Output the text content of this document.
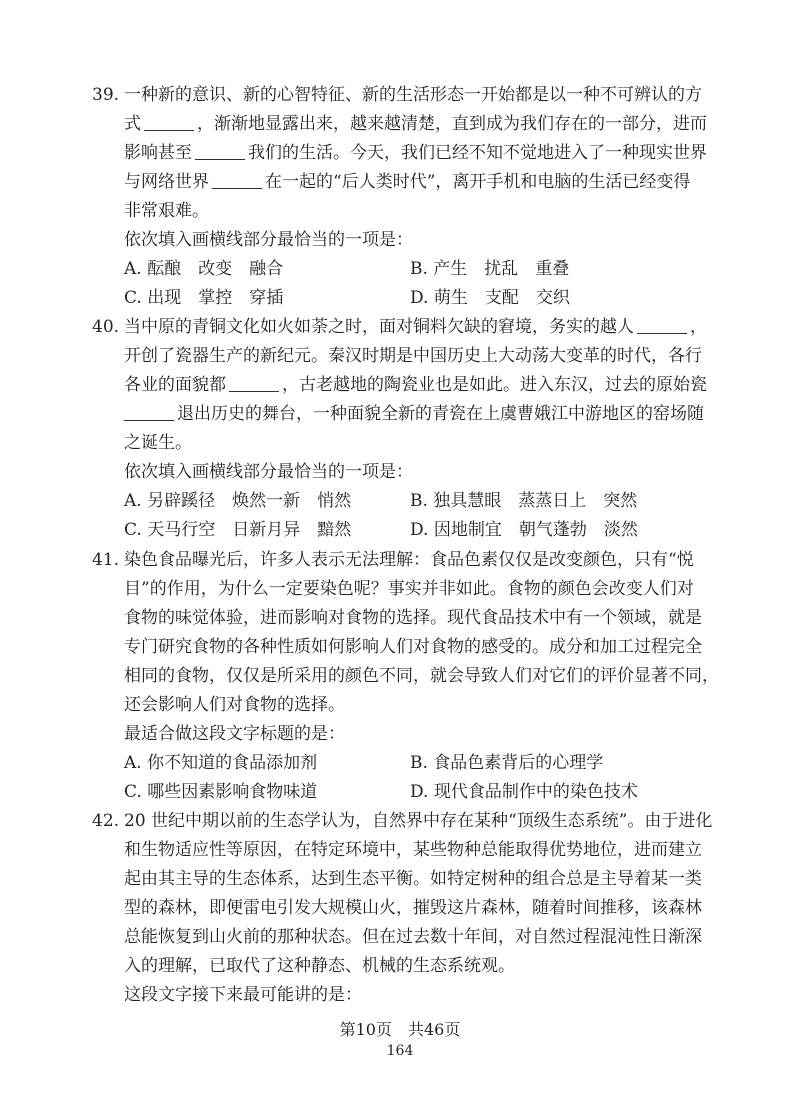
39. 一种新的意识、新的心智特征、新的生活形态一开始都是以一种不可辨认的方
式	，渐渐地显露出来，越来越清楚，直到成为我们存在的一部分，进而
影响甚至	我们的生活。今天，我们已经不知不觉地进入了一种现实世界
与网络世界	在一起的“后人类时代”，离开手机和电脑的生活已经变得
非常艰难。
依次填入画横线部分最恰当的一项是：
A. 酝酿　改变　融合	B. 产生　扰乱　重叠
C. 出现　掌控　穿插	D. 萌生　支配　交织
40. 当中原的青铜文化如火如荼之时，面对铜料欠缺的窘境，务实的越人	，
开创了瓷器生产的新纪元。秦汉时期是中国历史上大动荡大变革的时代，各行
各业的面貌都	，古老越地的陶瓷业也是如此。进入东汉，过去的原始瓷
退出历史的舞台，一种面貌全新的青瓷在上虞曹娥江中游地区的窑场随
之诞生。
依次填入画横线部分最恰当的一项是：
A. 另辟蹊径　焕然一新　悄然	B. 独具慧眼　蒸蒸日上　突然
C. 天马行空　日新月异　黯然	D. 因地制宜　朝气蓬勃　淡然
41. 染色食品曝光后，许多人表示无法理解：食品色素仅仅是改变颜色，只有“悦
目”的作用，为什么一定要染色呢？事实并非如此。食物的颜色会改变人们对
食物的味觉体验，进而影响对食物的选择。现代食品技术中有一个领域，就是
专门研究食物的各种性质如何影响人们对食物的感受的。成分和加工过程完全
相同的食物，仅仅是所采用的颜色不同，就会导致人们对它们的评价显著不同，
还会影响人们对食物的选择。
最适合做这段文字标题的是：
A. 你不知道的食品添加剂	B. 食品色素背后的心理学
C. 哪些因素影响食物味道	D. 现代食品制作中的染色技术
42. 20 世纪中期以前的生态学认为，自然界中存在某种“顶级生态系统”。由于进化
和生物适应性等原因，在特定环境中，某些物种总能取得优势地位，进而建立
起由其主导的生态体系，达到生态平衡。如特定树种的组合总是主导着某一类
型的森林，即便雷电引发大规模山火，摧毁这片森林，随着时间推移，该森林
总能恢复到山火前的那种状态。但在过去数十年间，对自然过程混沌性日渐深
入的理解，已取代了这种静态、机械的生态系统观。
这段文字接下来最可能讲的是：
第10页　共46页
164
